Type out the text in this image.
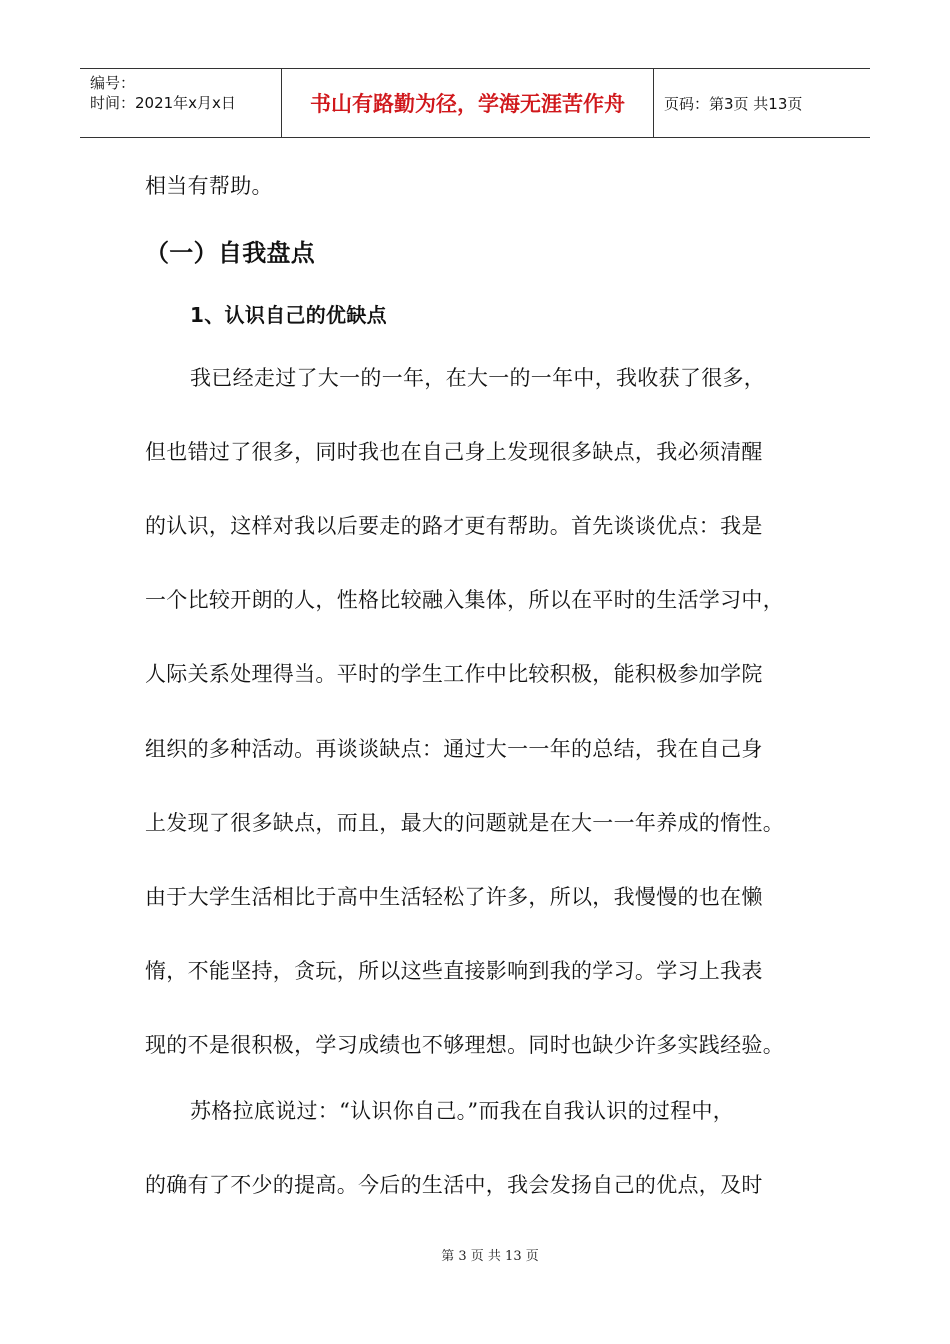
编号：
时间：2021年x月x日	书山有路勤为径，学海无涯苦作舟	页码：第3页 共13页
相当有帮助。
（一）自我盘点
1、认识自己的优缺点
我已经走过了大一的一年，在大一的一年中，我收获了很多，
但也错过了很多，同时我也在自己身上发现很多缺点，我必须清醒
的认识，这样对我以后要走的路才更有帮助。首先谈谈优点：我是
一个比较开朗的人，性格比较融入集体，所以在平时的生活学习中，
人际关系处理得当。平时的学生工作中比较积极，能积极参加学院
组织的多种活动。再谈谈缺点：通过大一一年的总结，我在自己身
上发现了很多缺点，而且，最大的问题就是在大一一年养成的惰性。
由于大学生活相比于高中生活轻松了许多，所以，我慢慢的也在懒
惰，不能坚持，贪玩，所以这些直接影响到我的学习。学习上我表
现的不是很积极，学习成绩也不够理想。同时也缺少许多实践经验。
苏格拉底说过：“认识你自己。”而我在自我认识的过程中，
的确有了不少的提高。今后的生活中，我会发扬自己的优点，及时
第 3 页 共 13 页
